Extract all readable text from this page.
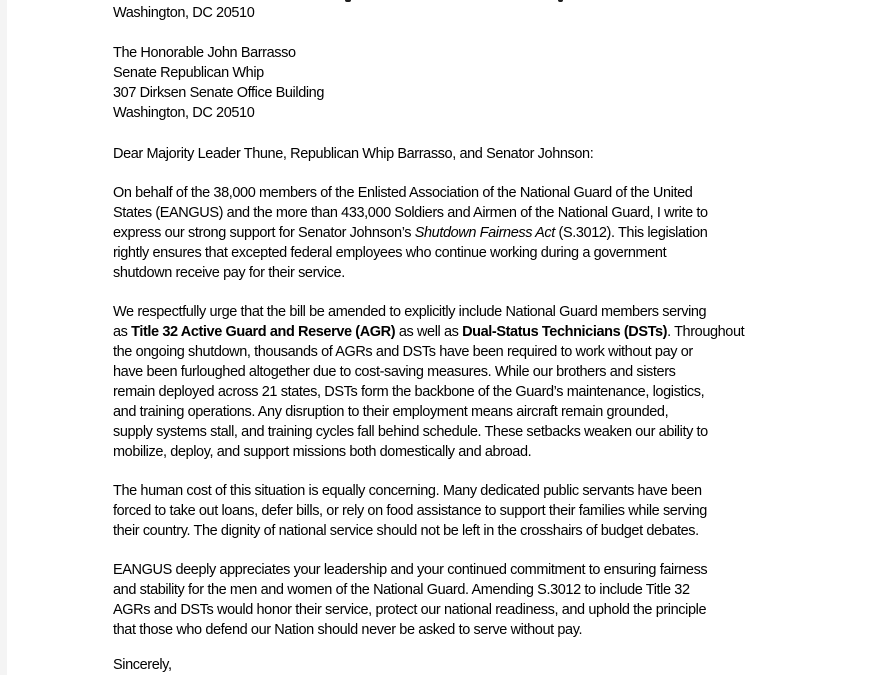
Washington, DC 20510
The Honorable John Barrasso
Senate Republican Whip
307 Dirksen Senate Office Building
Washington, DC 20510
Dear Majority Leader Thune, Republican Whip Barrasso, and Senator Johnson:
On behalf of the 38,000 members of the Enlisted Association of the National Guard of the United
States (EANGUS) and the more than 433,000 Soldiers and Airmen of the National Guard, I write to
express our strong support for Senator Johnson’s Shutdown Fairness Act (S.3012). This legislation
rightly ensures that excepted federal employees who continue working during a government
shutdown receive pay for their service.
We respectfully urge that the bill be amended to explicitly include National Guard members serving
as Title 32 Active Guard and Reserve (AGR) as well as Dual-Status Technicians (DSTs). Throughout
the ongoing shutdown, thousands of AGRs and DSTs have been required to work without pay or
have been furloughed altogether due to cost-saving measures. While our brothers and sisters
remain deployed across 21 states, DSTs form the backbone of the Guard’s maintenance, logistics,
and training operations. Any disruption to their employment means aircraft remain grounded,
supply systems stall, and training cycles fall behind schedule. These setbacks weaken our ability to
mobilize, deploy, and support missions both domestically and abroad.
The human cost of this situation is equally concerning. Many dedicated public servants have been
forced to take out loans, defer bills, or rely on food assistance to support their families while serving
their country. The dignity of national service should not be left in the crosshairs of budget debates.
EANGUS deeply appreciates your leadership and your continued commitment to ensuring fairness
and stability for the men and women of the National Guard. Amending S.3012 to include Title 32
AGRs and DSTs would honor their service, protect our national readiness, and uphold the principle
that those who defend our Nation should never be asked to serve without pay.
Sincerely,
